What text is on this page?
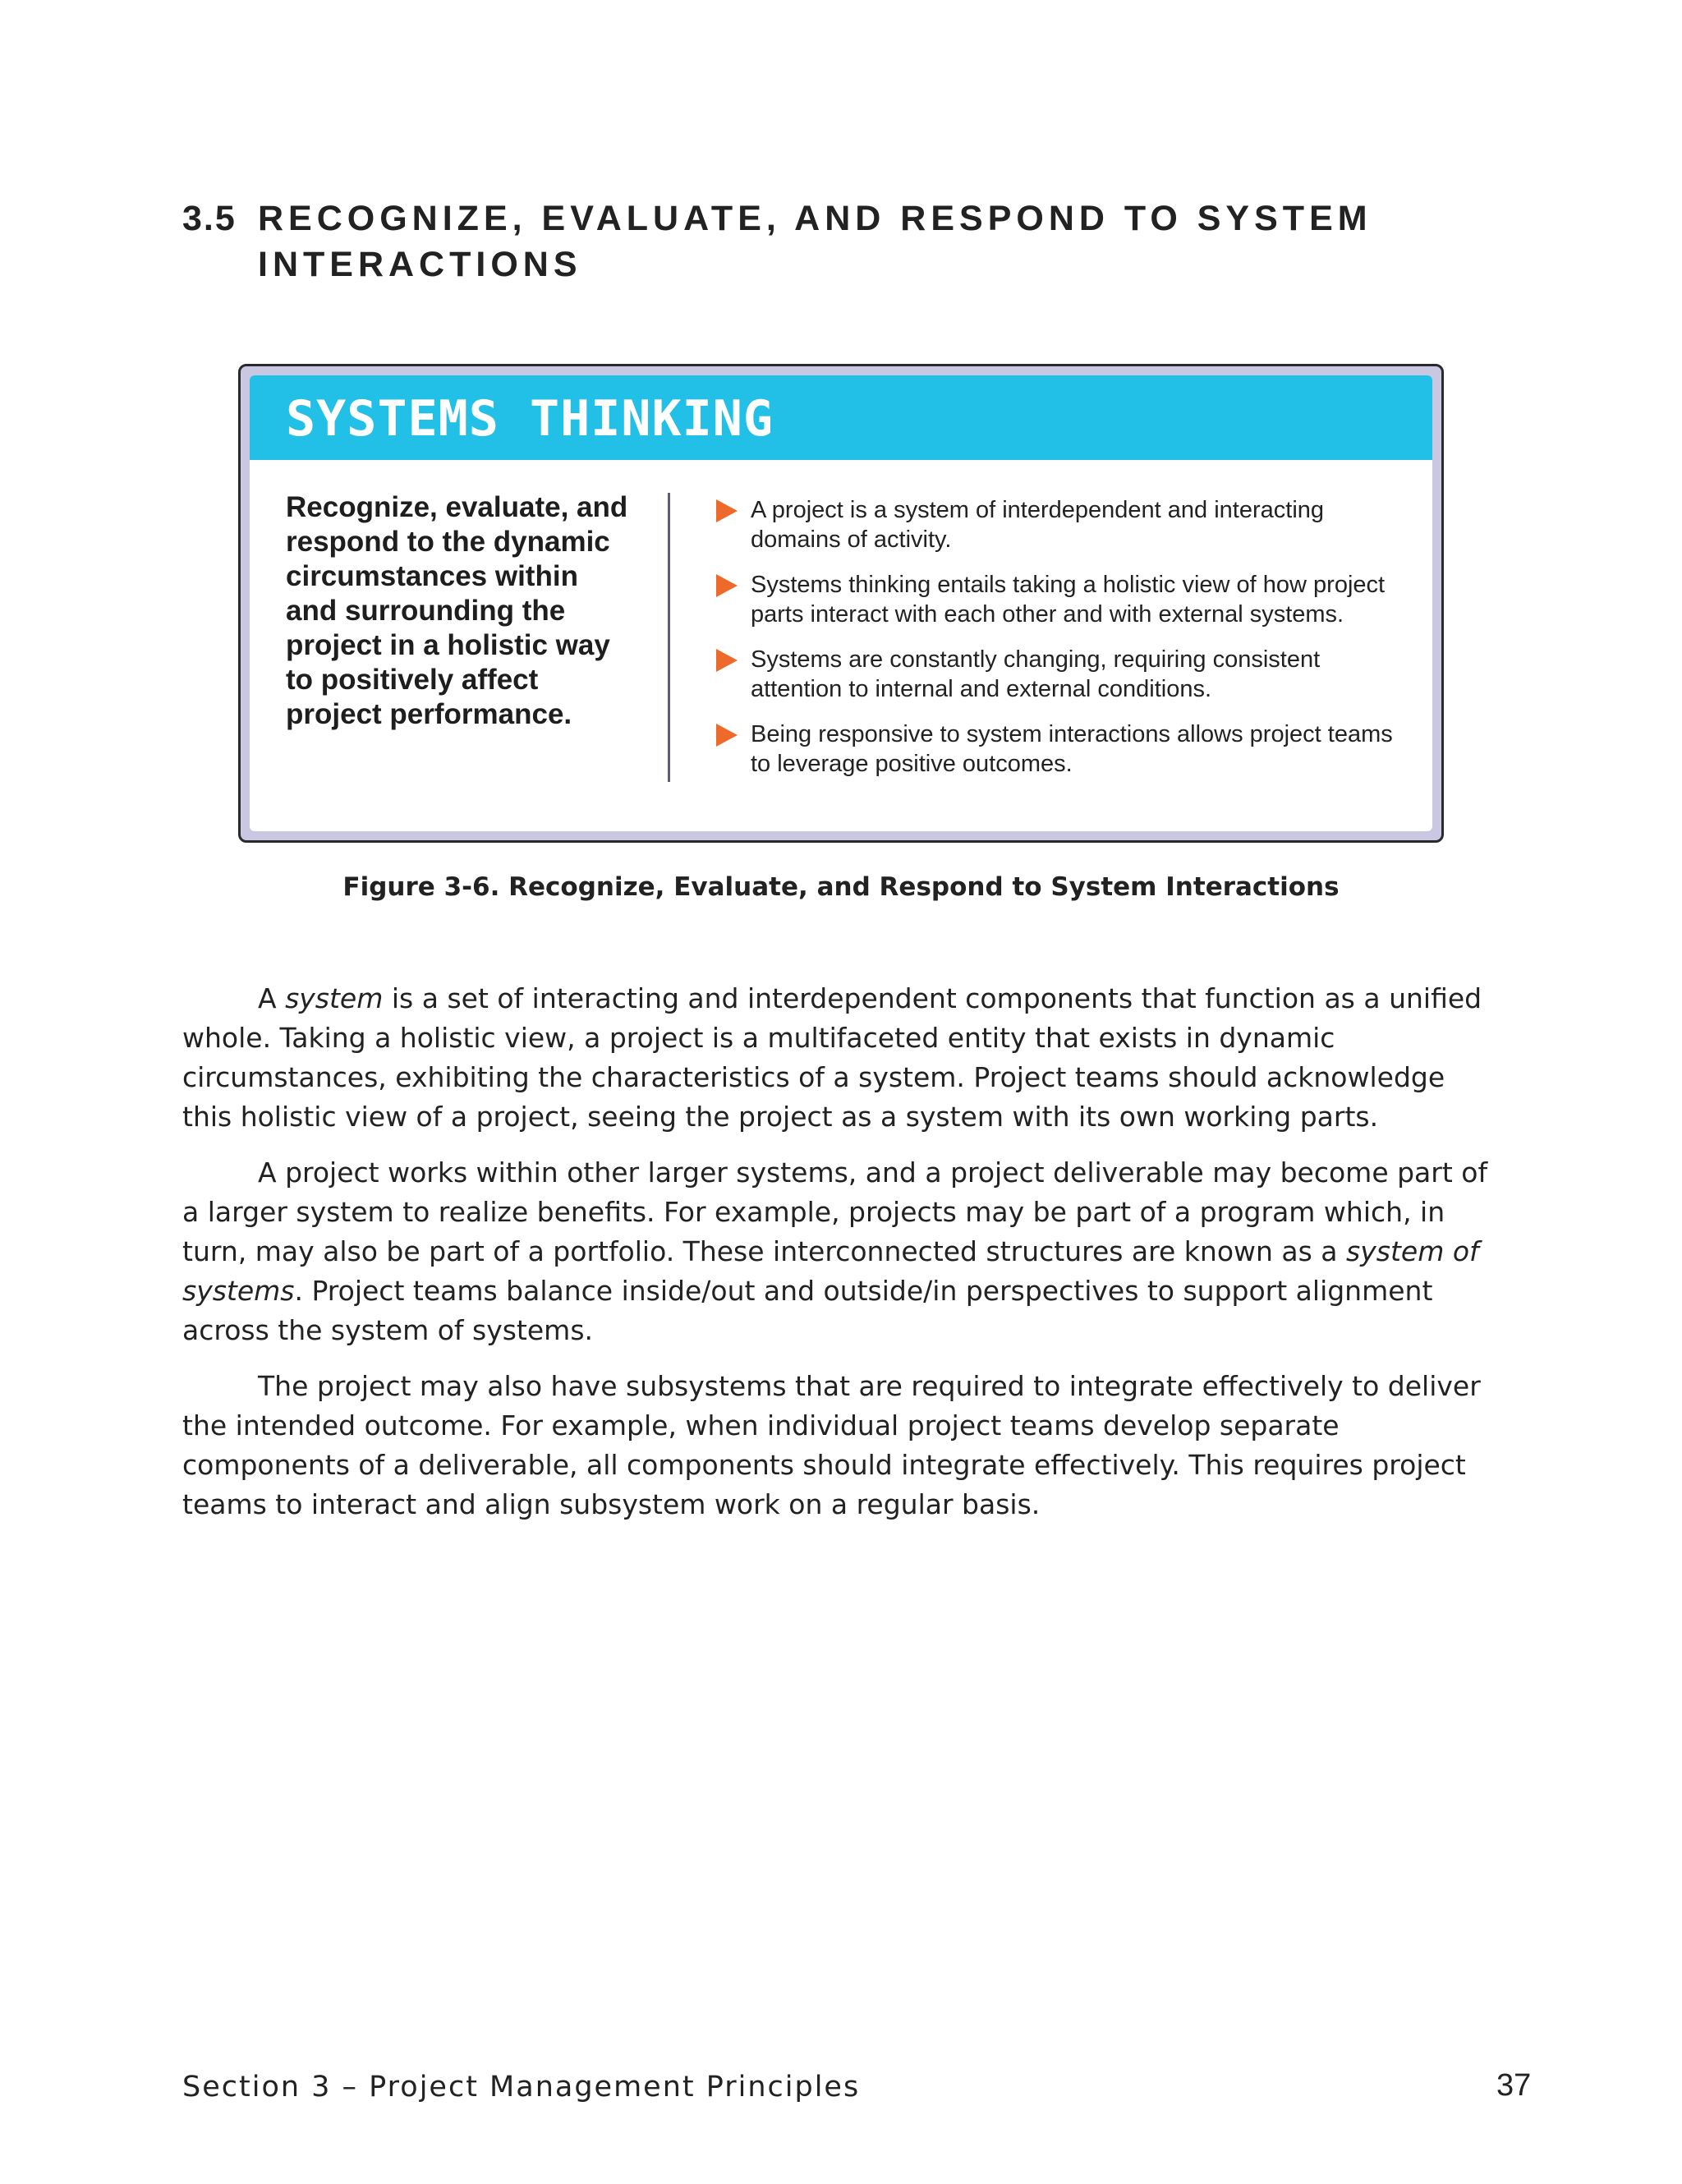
3.5 RECOGNIZE, EVALUATE, AND RESPOND TO SYSTEM INTERACTIONS
SYSTEMS THINKING
Recognize, evaluate, and respond to the dynamic circumstances within and surrounding the project in a holistic way to positively affect project performance.
A project is a system of interdependent and interacting domains of activity.
Systems thinking entails taking a holistic view of how project parts interact with each other and with external systems.
Systems are constantly changing, requiring consistent attention to internal and external conditions.
Being responsive to system interactions allows project teams to leverage positive outcomes.
Figure 3-6. Recognize, Evaluate, and Respond to System Interactions

A system is a set of interacting and interdependent components that function as a unified whole. Taking a holistic view, a project is a multifaceted entity that exists in dynamic circumstances, exhibiting the characteristics of a system. Project teams should acknowledge this holistic view of a project, seeing the project as a system with its own working parts.

A project works within other larger systems, and a project deliverable may become part of a larger system to realize benefits. For example, projects may be part of a program which, in turn, may also be part of a portfolio. These interconnected structures are known as a system of systems. Project teams balance inside/out and outside/in perspectives to support alignment across the system of systems.

The project may also have subsystems that are required to integrate effectively to deliver the intended outcome. For example, when individual project teams develop separate components of a deliverable, all components should integrate effectively. This requires project teams to interact and align subsystem work on a regular basis.

Section 3 – Project Management Principles	37
